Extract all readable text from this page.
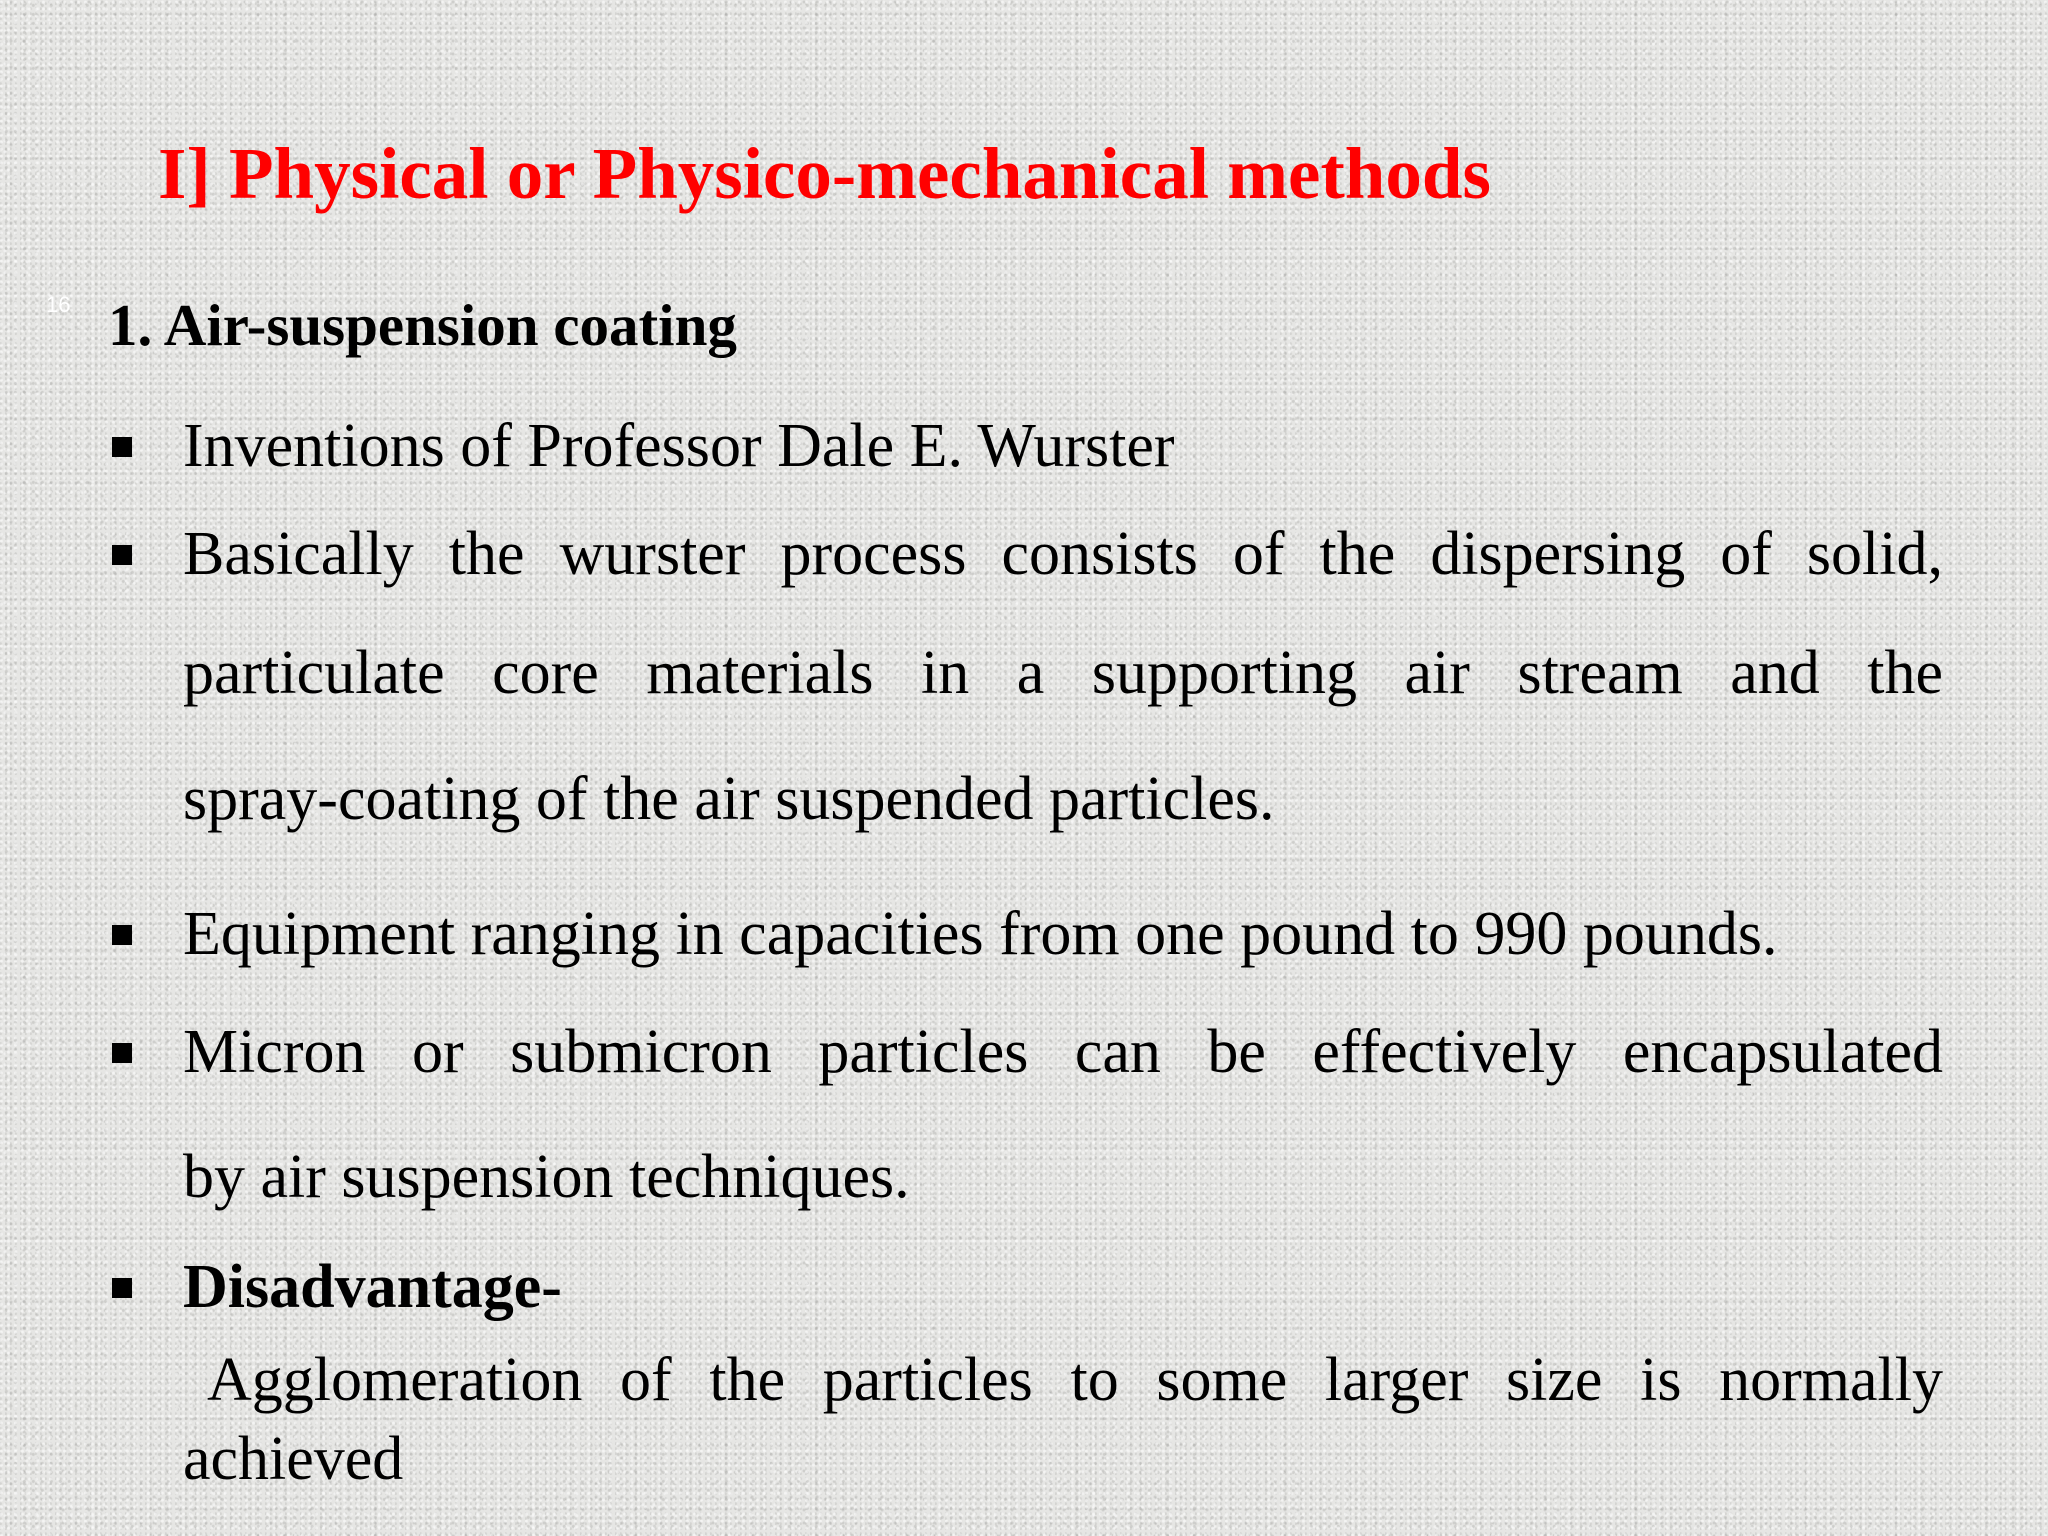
I] Physical or Physico-mechanical methods
16 1. Air-suspension coating
Inventions of Professor Dale E. Wurster
Basically the wurster process consists of the dispersing of solid,
particulate core materials in a supporting air stream and the
spray-coating of the air suspended particles.
Equipment ranging in capacities from one pound to 990 pounds.
Micron or submicron particles can be effectively encapsulated
by air suspension techniques.
Disadvantage-
Agglomeration of the particles to some larger size is normally
achieved
